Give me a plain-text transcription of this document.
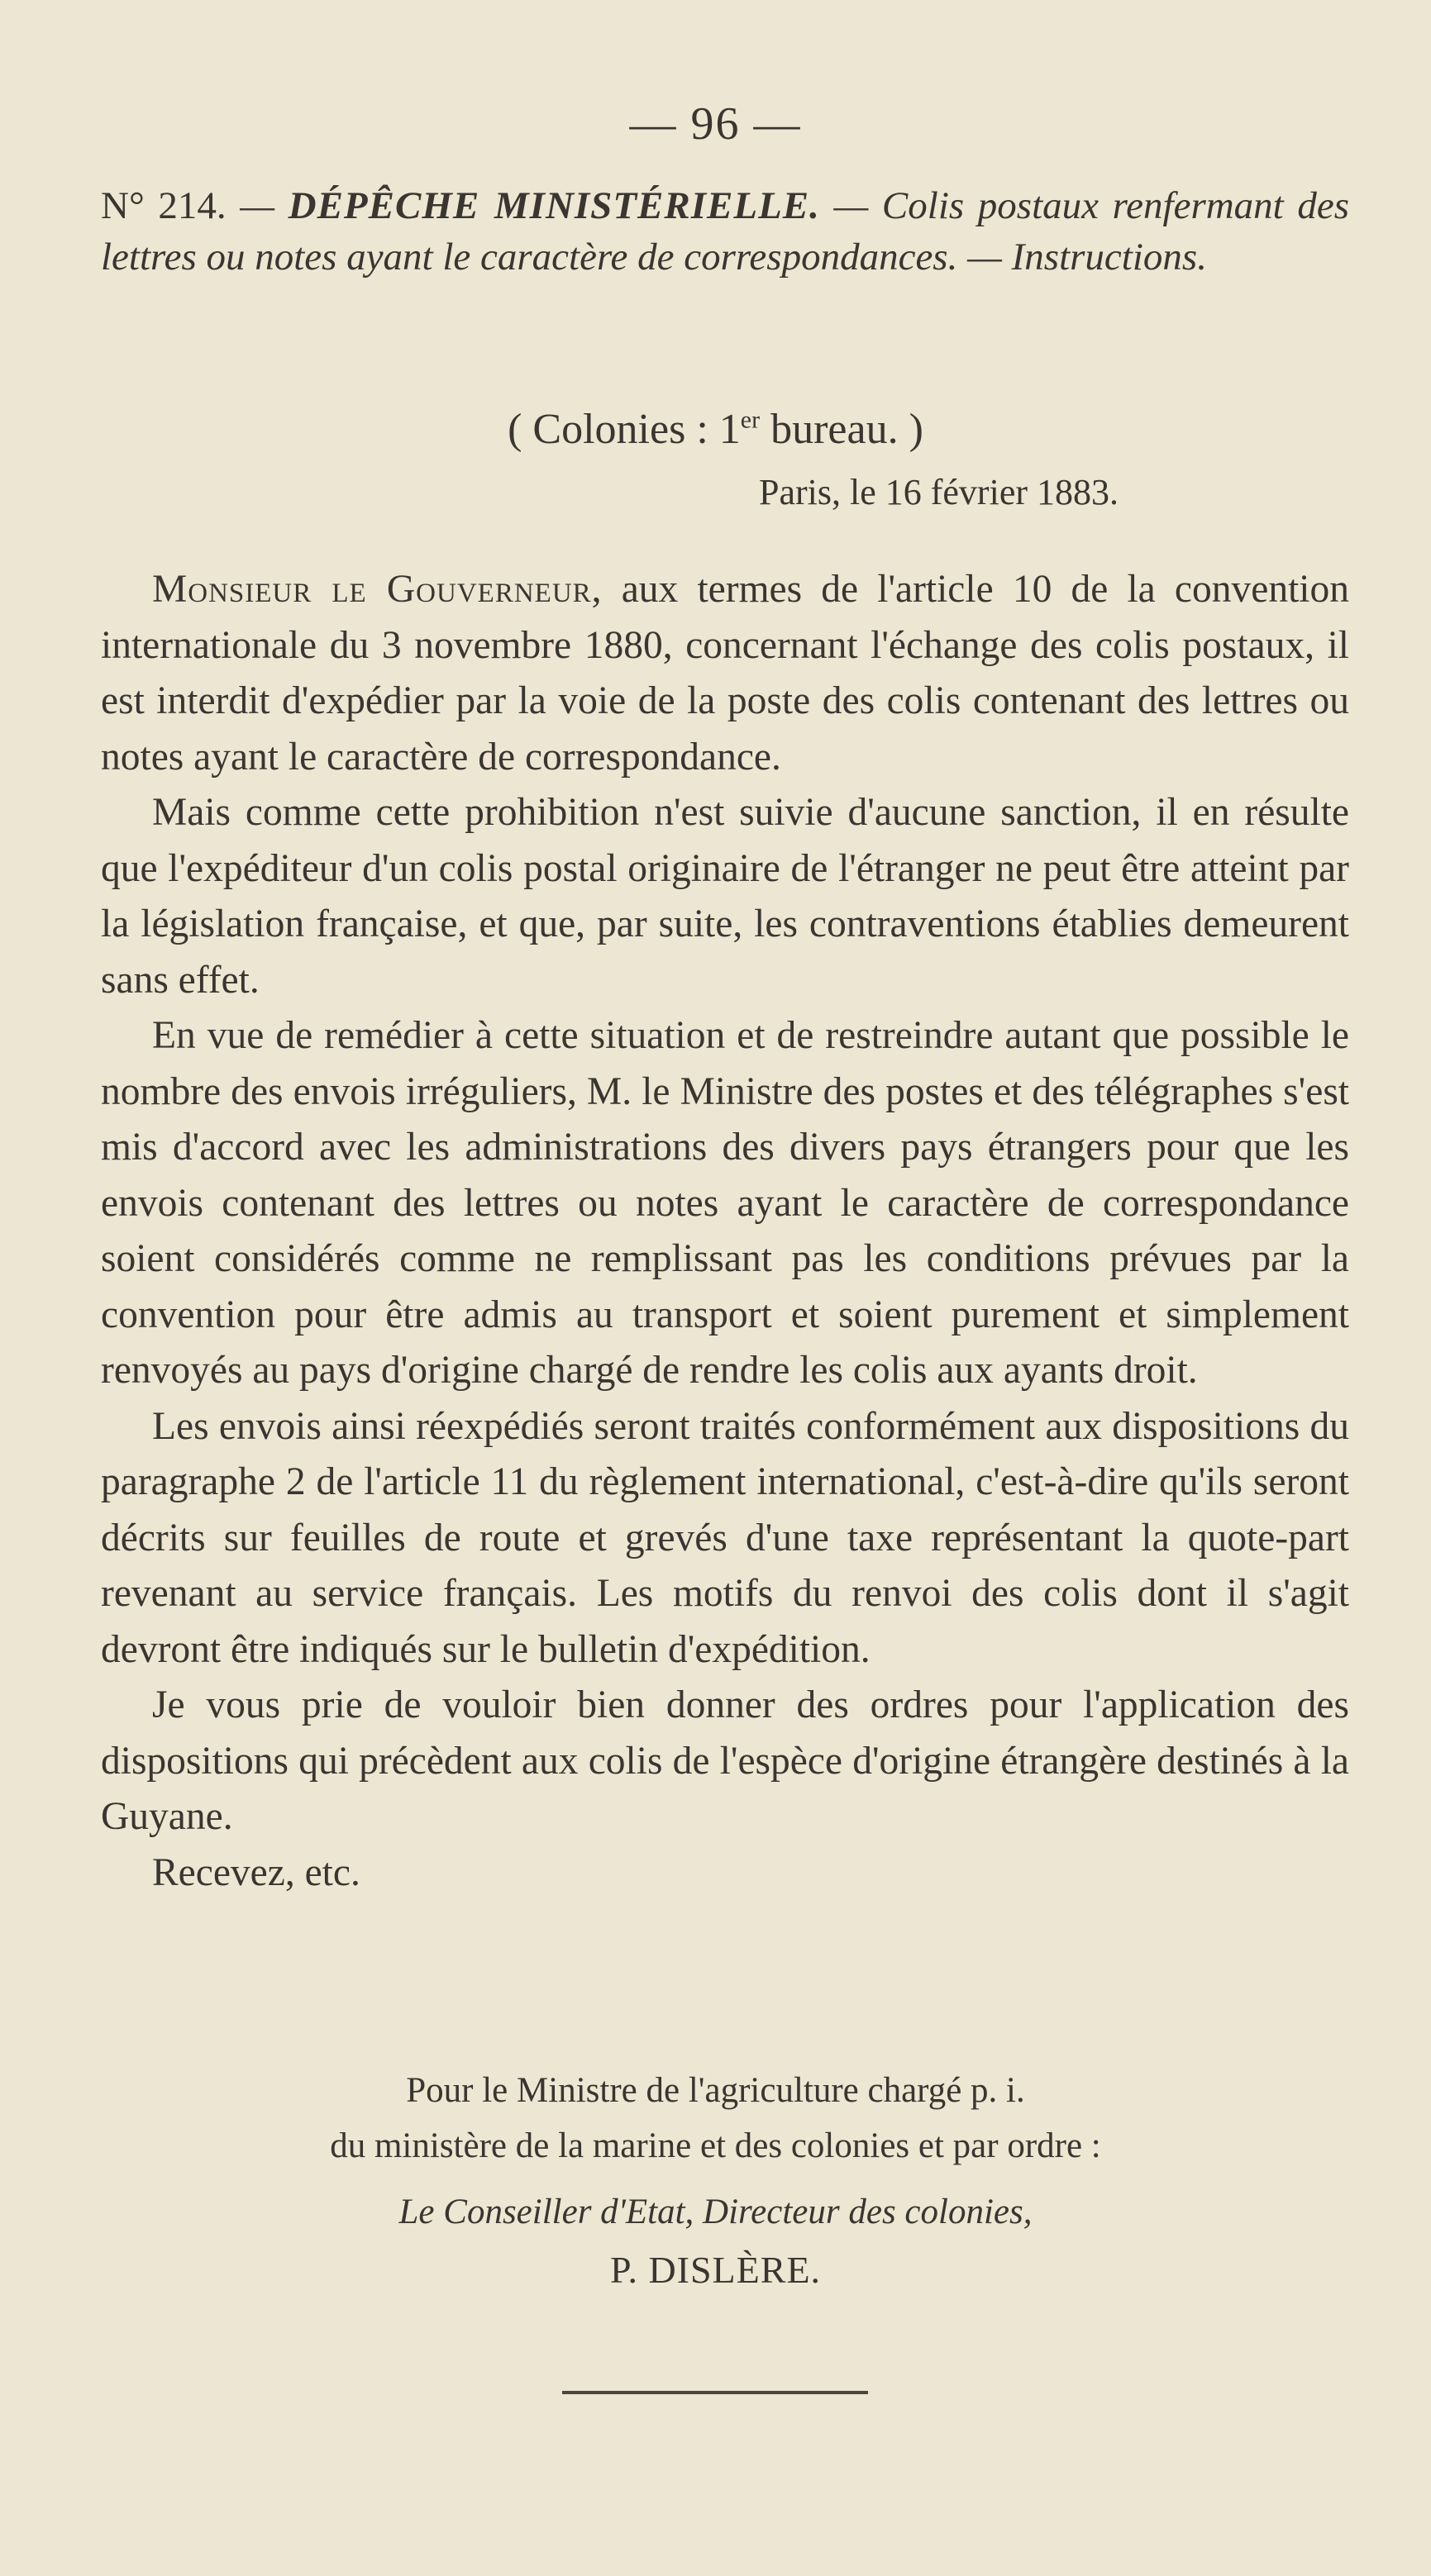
— 96 —
N° 214. — DÉPÊCHE MINISTÉRIELLE. — Colis postaux renfermant des lettres ou notes ayant le caractère de correspondances. — Instructions.
( Colonies : 1er bureau. )
Paris, le 16 février 1883.

Monsieur le Gouverneur, aux termes de l'article 10 de la convention internationale du 3 novembre 1880, concernant l'échange des colis postaux, il est interdit d'expédier par la voie de la poste des colis contenant des lettres ou notes ayant le caractère de correspondance.

Mais comme cette prohibition n'est suivie d'aucune sanction, il en résulte que l'expéditeur d'un colis postal originaire de l'étranger ne peut être atteint par la législation française, et que, par suite, les contraventions établies demeurent sans effet.

En vue de remédier à cette situation et de restreindre autant que possible le nombre des envois irréguliers, M. le Ministre des postes et des télégraphes s'est mis d'accord avec les administrations des divers pays étrangers pour que les envois contenant des lettres ou notes ayant le caractère de correspondance soient considérés comme ne remplissant pas les conditions prévues par la convention pour être admis au transport et soient purement et simplement renvoyés au pays d'origine chargé de rendre les colis aux ayants droit.

Les envois ainsi réexpédiés seront traités conformément aux dispositions du paragraphe 2 de l'article 11 du règlement international, c'est-à-dire qu'ils seront décrits sur feuilles de route et grevés d'une taxe représentant la quote-part revenant au service français. Les motifs du renvoi des colis dont il s'agit devront être indiqués sur le bulletin d'expédition.

Je vous prie de vouloir bien donner des ordres pour l'application des dispositions qui précèdent aux colis de l'espèce d'origine étrangère destinés à la Guyane.

Recevez, etc.

Pour le Ministre de l'agriculture chargé p. i.
du ministère de la marine et des colonies et par ordre :
Le Conseiller d'Etat, Directeur des colonies,
P. DISLÈRE.
